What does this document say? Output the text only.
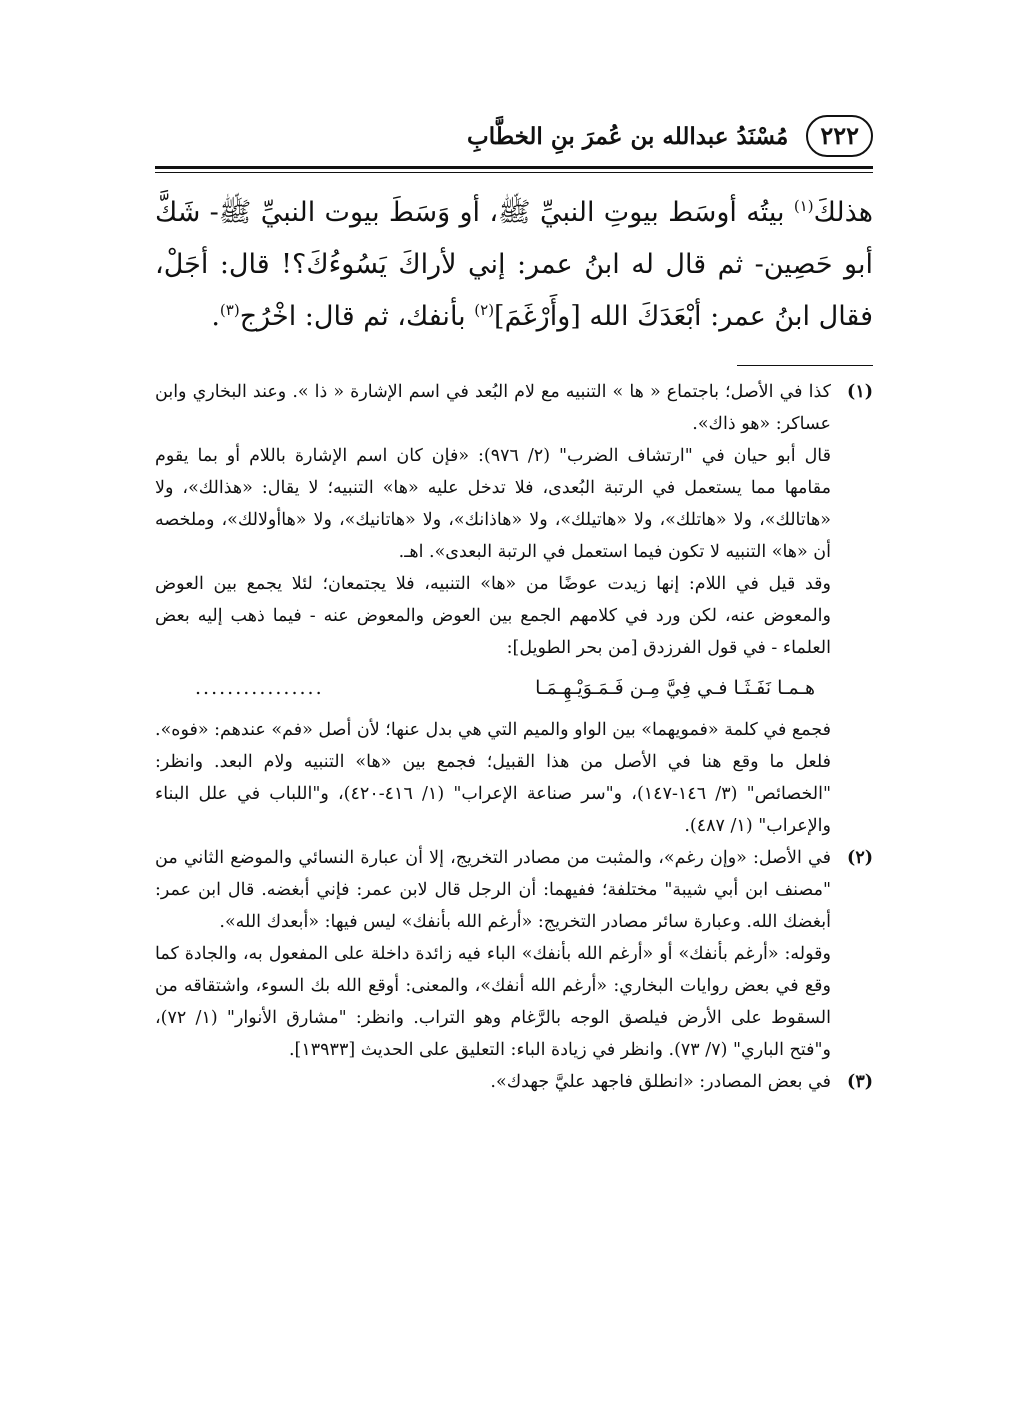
٢٢٢
مُسْنَدُ عبدالله بن عُمرَ بنِ الخطَّابِ
هذلكَ$^{(١)}$ بيتُه أوسَط بيوتِ النبيِّ ﷺ، أو وَسَطَ بيوت النبيِّ ﷺ- شَكَّ أبو حَصِين- ثم قال له ابنُ عمر: إني لأراكَ يَسُوءُكَ؟! قال: أجَلْ، فقال ابنُ عمر: أبْعَدَكَ الله [وأَرْغَمَ]$^{(٢)}$ بأنفك، ثم قال: اخْرُج$^{(٣)}$.
(١)

كذا في الأصل؛ باجتماع « ها » التنبيه مع لام البُعد في اسم الإشارة « ذا ». وعند البخاري وابن عساكر: «هو ذاك».

قال أبو حيان في "ارتشاف الضرب" (٢/ ٩٧٦): «فإن كان اسم الإشارة باللام أو بما يقوم مقامها مما يستعمل في الرتبة البُعدى، فلا تدخل عليه «ها» التنبيه؛ لا يقال: «هذالك»، ولا «هاتالك»، ولا «هاتلك»، ولا «هاتيلك»، ولا «هاذانك»، ولا «هاتانيك»، ولا «هاأولالك»، وملخصه أن «ها» التنبيه لا تكون فيما استعمل في الرتبة البعدى». اهـ.

وقد قيل في اللام: إنها زيدت عوضًا من «ها» التنبيه، فلا يجتمعان؛ لئلا يجمع بين العوض والمعوض عنه، لكن ورد في كلامهم الجمع بين العوض والمعوض عنه - فيما ذهب إليه بعض العلماء - في قول الفرزدق [من بحر الطويل]:

هـمـا نَفَـثَـا فـي فِيَّ مِـن فَـمَـوَيْـهِـمَـا
................

فجمع في كلمة «فمويهما» بين الواو والميم التي هي بدل عنها؛ لأن أصل «فم» عندهم: «فوه». فلعل ما وقع هنا في الأصل من هذا القبيل؛ فجمع بين «ها» التنبيه ولام البعد. وانظر: "الخصائص" (٣/ ١٤٦-١٤٧)، و"سر صناعة الإعراب" (١/ ٤١٦-٤٢٠)، و"اللباب في علل البناء والإعراب" (١/ ٤٨٧).

(٢)

في الأصل: «وإن رغم»، والمثبت من مصادر التخريج، إلا أن عبارة النسائي والموضع الثاني من "مصنف ابن أبي شيبة" مختلفة؛ ففيهما: أن الرجل قال لابن عمر: فإني أبغضه. قال ابن عمر: أبغضك الله. وعبارة سائر مصادر التخريج: «أرغم الله بأنفك» ليس فيها: «أبعدك الله».

وقوله: «أرغم بأنفك» أو «أرغم الله بأنفك» الباء فيه زائدة داخلة على المفعول به، والجادة كما وقع في بعض روايات البخاري: «أرغم الله أنفك»، والمعنى: أوقع الله بك السوء، واشتقاقه من السقوط على الأرض فيلصق الوجه بالرَّغام وهو التراب. وانظر: "مشارق الأنوار" (١/ ٧٢)، و"فتح الباري" (٧/ ٧٣). وانظر في زيادة الباء: التعليق على الحديث [١٣٩٣٣].

(٣)

في بعض المصادر: «انطلق فاجهد عليَّ جهدك».
